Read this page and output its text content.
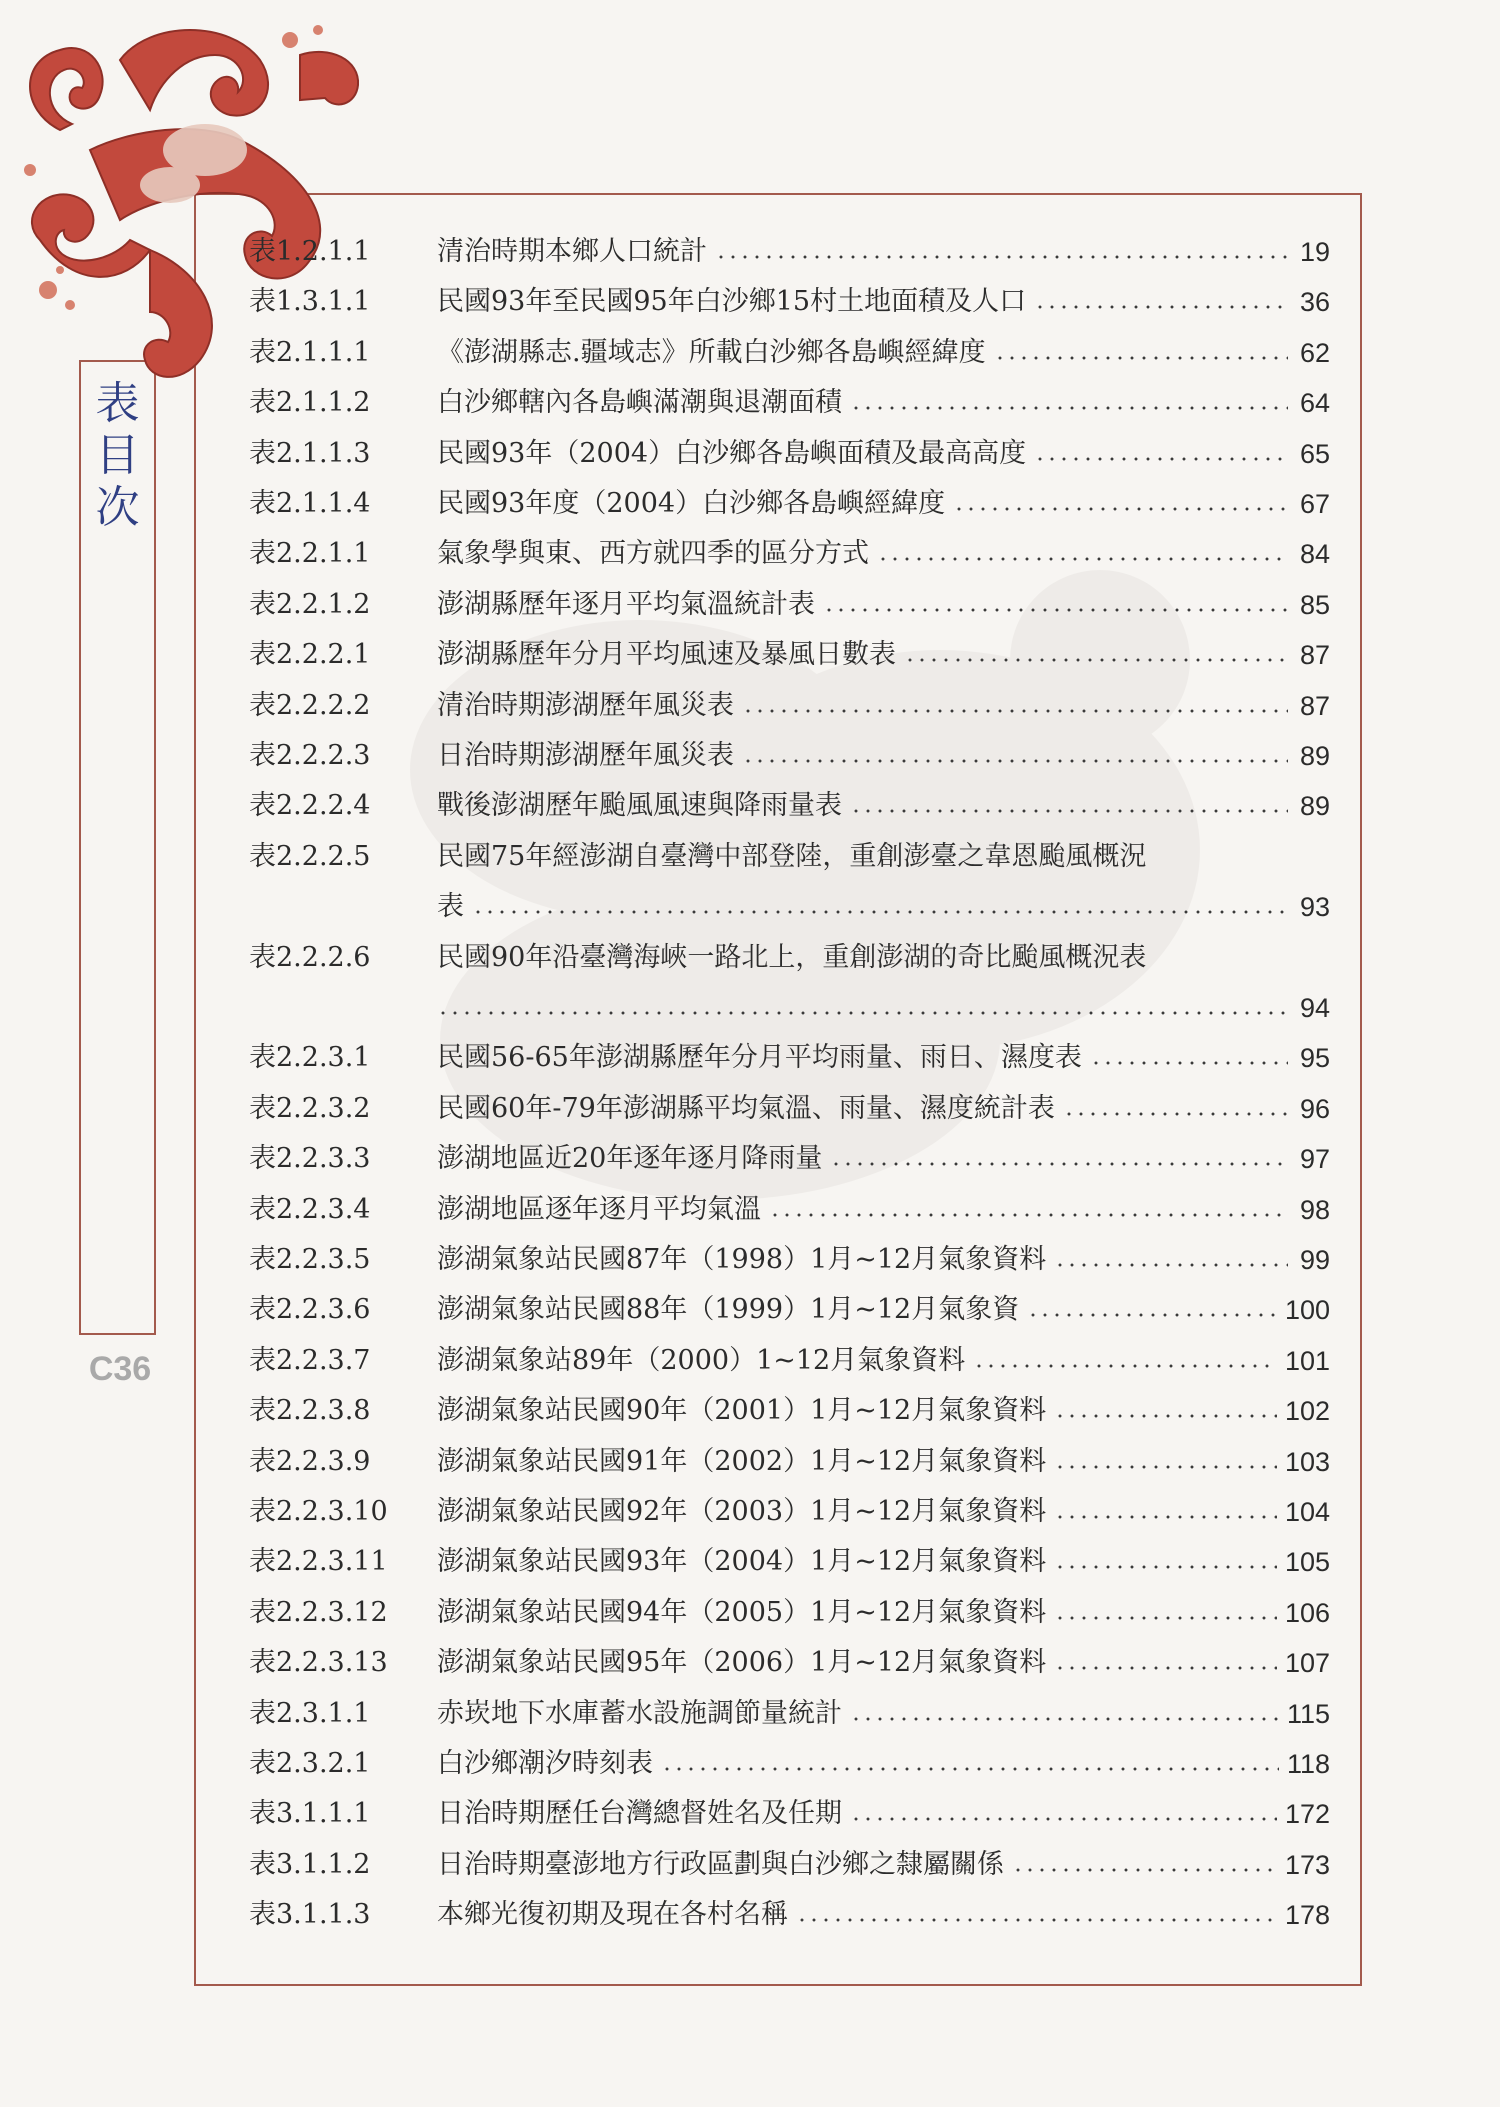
表
目
次
C36
表1.2.1.1	清治時期本鄉人口統計	19
表1.3.1.1	民國93年至民國95年白沙鄉15村土地面積及人口	36
表2.1.1.1	《澎湖縣志.疆域志》所載白沙鄉各島嶼經緯度	62
表2.1.1.2	白沙鄉轄內各島嶼滿潮與退潮面積	64
表2.1.1.3	民國93年（2004）白沙鄉各島嶼面積及最高高度	65
表2.1.1.4	民國93年度（2004）白沙鄉各島嶼經緯度	67
表2.2.1.1	氣象學與東、西方就四季的區分方式	84
表2.2.1.2	澎湖縣歷年逐月平均氣溫統計表	85
表2.2.2.1	澎湖縣歷年分月平均風速及暴風日數表	87
表2.2.2.2	清治時期澎湖歷年風災表	87
表2.2.2.3	日治時期澎湖歷年風災表	89
表2.2.2.4	戰後澎湖歷年颱風風速與降雨量表	89
表2.2.2.5	民國75年經澎湖自臺灣中部登陸，重創澎臺之韋恩颱風概況
表	93
表2.2.2.6	民國90年沿臺灣海峽一路北上，重創澎湖的奇比颱風概況表
94
表2.2.3.1	民國56-65年澎湖縣歷年分月平均雨量、雨日、濕度表	95
表2.2.3.2	民國60年-79年澎湖縣平均氣溫、雨量、濕度統計表	96
表2.2.3.3	澎湖地區近20年逐年逐月降雨量	97
表2.2.3.4	澎湖地區逐年逐月平均氣溫	98
表2.2.3.5	澎湖氣象站民國87年（1998）1月~12月氣象資料	99
表2.2.3.6	澎湖氣象站民國88年（1999）1月~12月氣象資	100
表2.2.3.7	澎湖氣象站89年（2000）1~12月氣象資料	101
表2.2.3.8	澎湖氣象站民國90年（2001）1月~12月氣象資料	102
表2.2.3.9	澎湖氣象站民國91年（2002）1月~12月氣象資料	103
表2.2.3.10	澎湖氣象站民國92年（2003）1月~12月氣象資料	104
表2.2.3.11	澎湖氣象站民國93年（2004）1月~12月氣象資料	105
表2.2.3.12	澎湖氣象站民國94年（2005）1月~12月氣象資料	106
表2.2.3.13	澎湖氣象站民國95年（2006）1月~12月氣象資料	107
表2.3.1.1	赤崁地下水庫蓄水設施調節量統計	115
表2.3.2.1	白沙鄉潮汐時刻表	118
表3.1.1.1	日治時期歷任台灣總督姓名及任期	172
表3.1.1.2	日治時期臺澎地方行政區劃與白沙鄉之隸屬關係	173
表3.1.1.3	本鄉光復初期及現在各村名稱	178
